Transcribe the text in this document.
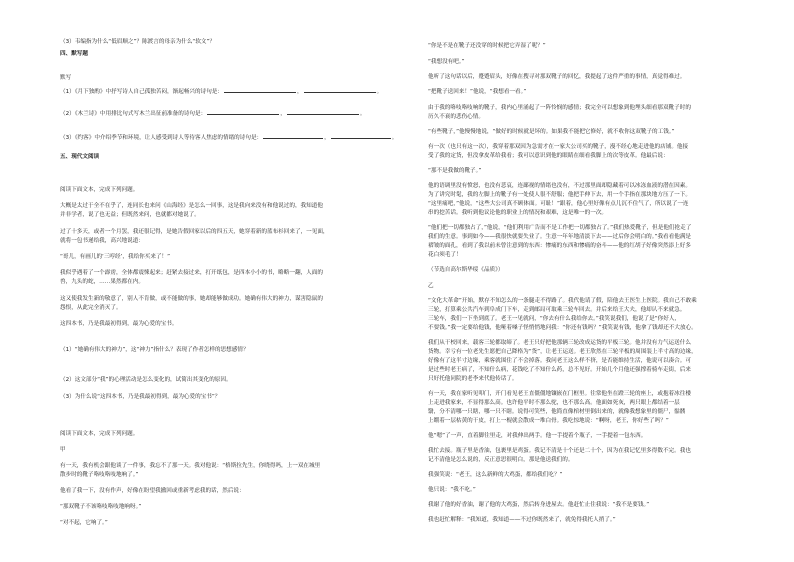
（3）韦编指为什么“低眉顺之”？陈渡言的母亲为什么“软文”？

四、默写题

默写

（1）《月下独酌》中抒写诗人自己孤独苦闷，渐起畅兴的诗句是：	，	。

（2）《木兰诗》中用排比句式写木兰出征前准备的诗句是：	，	。

（3）《约客》中介绍季节和环境，让人感受到诗人等待客人焦虑的情绪的诗句是：	，	。

五、现代文阅读

阅读下面文本，完成下列问题。

大概是太过于全不在乎了，连同长也来问《山海经》是怎么一回事，这是我向来没有和他说过的，我知道他

并非学者，说了也无益；但既然来问，也就都对她说了。

过了十多天，或者一个月罢，我还很记得，是她告假回家以后的四五天，她穿着新的蓝布衫回来了，一见面，

就将一包书递给我，高兴地说道：

“哥儿，有画儿的‘三哼经’，我给你买来了！”

我似乎遇着了一个霹雳，全体都震悚起来；赶紧去接过来，打开纸包，是四本小小的书，略略一翻，人面的

兽，九头的蛇，……果然都在内。

这又使我发生新的敬意了，别人不肯做，或不能做的事，她却能够做成功。她确有伟大的神力，谋害隐鼠的

怨恨，从此完全消灭了。

这四本书，乃是我最初得到，最为心爱的宝书。

（1）“她确有伟大的神力”，这“神力”指什么？表现了作者怎样的思想感情？

（2）这文部分“我”的心理活动是怎么变化的，试简出其变化的原因。

（3）为什么说“这四本书，乃是我最初得到，最为心爱的宝书”？

阅读下面文本，完成下列问题。

甲

有一天，我有机会跟他谈了一件事，我忘不了那一天。我对他说：“格斯拉先生，你晓得吗，上一双在城里

散步时的靴子咯吱咯吱地响了。”

他看了我一下，没有作声，好像在盼望我撤回或重新考虑我的话，然后说：

“那双靴子不该咯吱咯吱地响呀。”

“对不起，它响了。”

“你是不是在靴子还没穿的时候把它弄湿了呢？”

“我想没有吧。”

他听了这句话以后，蹙蹙眉头，好像在搜寻对那双靴子的回忆，我提起了这件严重的事情，真觉得难过。

“把靴子送回来！”他说，“我想看一看。”

由于我的咯吱咯吱响的靴子，我内心里涌起了一阵怜悯的感情；我完全可以想象到他埋头细看那双靴子时的

历久不衰的悲伤心情。

“有些靴子，”他慢慢地说，“做好的时候就是坏的。如果我不能把它修好，就不收你这双靴子的工钱。”

有一次（也只有这一次），我穿着那双因为急需才在一家大公司买的靴子，漫不经心地走进他的店铺。他接

受了我的定货，但没拿皮革给我看；我可以意识到他的眼睛在细看我脚上的次等皮革。他最后说：

“那不是我做的靴子。”

他的语调里没有愤怒，也没有悲哀，连鄙视的情绪也没有，不过那里面却隐藏着可以冰冻血液的潜在因素。

为了讲究时髦，我的左脚上的靴子有一处使人很不舒服；他把手伸下去，用一个手指在那块地方压了一下。

“这里痛吧，”他说，“这些大公司真不顾体面。可耻！”跟着，他心里好像有点儿沉不住气了，所以说了一连

串的挖苦话。我听到他议论他的职业上的情况和艰难，这是唯一的一次。

“他们把一切都独占了，”他说，“他们利用广告而不是工作把一切都独占了。”我们热爱靴子，但是他们抢走了

我们的生意。事到如今——我很快就要失业了。生意一年年地清淡下去——过后你会明白的。”我看看他满是

褶皱的面孔，看到了我以前未曾注意到的东西：惨痛的东西和惨痛的奋斗——他的红胡子好像突然添上好多

花白须毛了！

（节选自高尔斯华绥《品质》）

乙

“文化大革命”开始，默存不知怎么的一条腿走不得路了。我代他请了假，陪他去王医生上医院。我自己不敢乘

三轮，打算乘公共汽车到阜成门下车，走到邮局可取乘三轮车回去。并后来给王大夫，他却认不来就急。

三轮车，我们一下坐到底了。老王一见就问，“你去有什么我给你去。”我笑说我们，他说了是“你好人，

不要钱。”我一定要给他钱，他哑着嗓子怪悄悄地问我：“你还有钱吗？”我笑说有钱，他拿了钱却还不大放心。

我们从干校回来，载客三轮都取缔了。老王只好把他那辆三轮改成运货的平板三轮。他并没有力气运送什么

货物。幸亏有一位老先生愿把自己降格为“货”，让老王运送。老王欣然在三轮平板的周围装上半寸高的边缘，

好像有了这半寸边缘，乘客就围住了不会掉落。我问老王这么样不挤，是否能维持生活，他说可以凑合。可

是过些时老王病了，不知什么病，花钱吃了不知什么药，总不见好。开始几个月他还强撑着骑车走街，后来

只好托他同院的老李来代他传话了。

有一天，我在家听见叩门，开门看见老王直僵僵地镶嵌在门框里。往常他坐在蹬三轮的座上，或抱着冰往楼

上走进我家来，不显得那么高。也许他平时不那么驼，也不那么高。他面如死灰，两只眼上都结着一层

翳，分不清哪一只瞎，哪一只不瞎。说得可笑些，他简直像棺材里倒出来的，就像我想象里的僵尸，骷髅

上绷着一层枯黄的干皮，打上一棍就会散成一堆白骨。我吃惊地说：“啊呀，老王，你好些了吗？”

他“嗯”了一声，直着脚往里走，对我伸出两手。他一手提着个瓶子，一手提着一包东西。

我忙去接。瓶子里是香油，包裹里是鸡蛋。我记不清是十个还是二十个，因为在我记忆里多得数不完。我也

记不清他是怎么说的，反正意思很明白，那是他送我们的。

我强笑说：“老王，这么新鲜的大鸡蛋，都给我们吃？”

他只说：“我不吃。”

我谢了他的好香油，谢了他的大鸡蛋，然后转身进屋去。他赶忙止住我说：“我不是要钱。”

我也赶忙解释：“我知道，我知道——不过你既然来了，就免得我托人捎了。”
